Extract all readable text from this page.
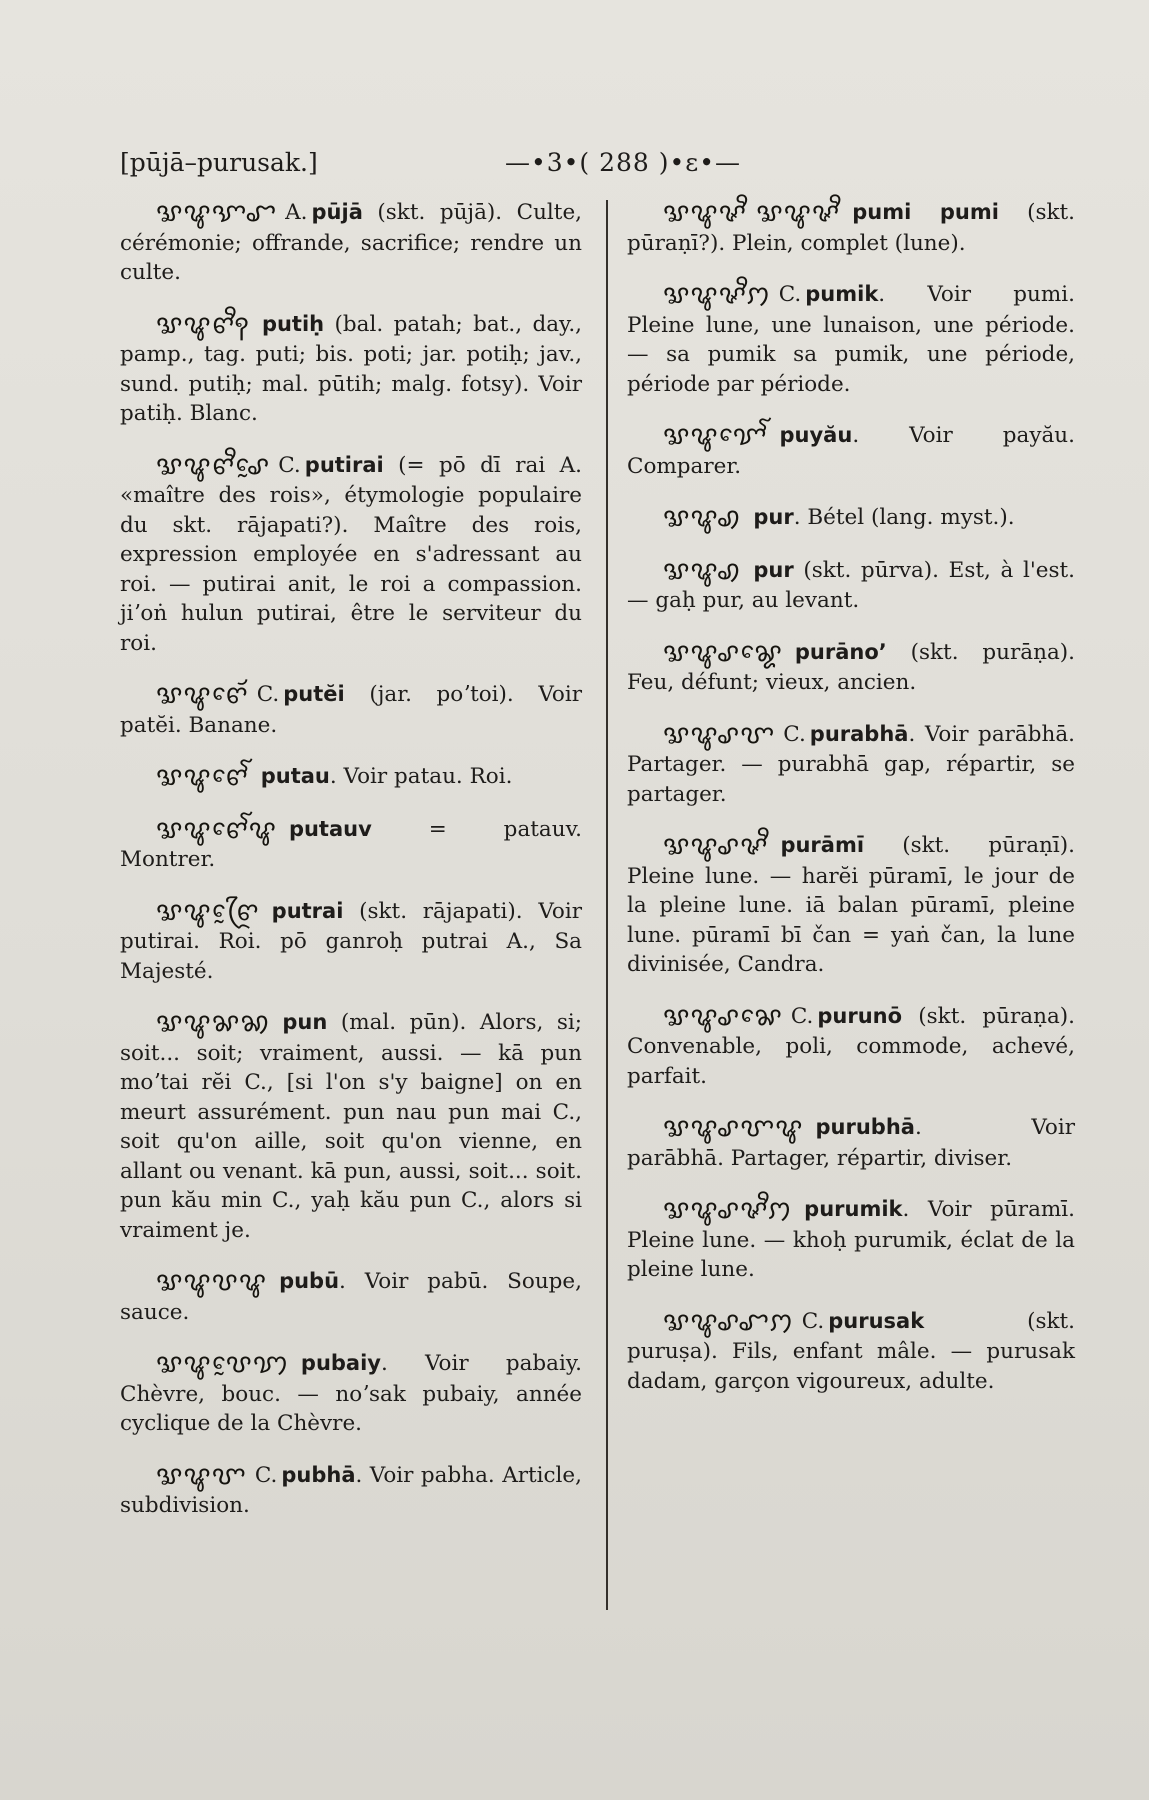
[pūjā–purusak.]	—•3•( 288 )•ε•—

ꨛꨥꨎꨧ A. pūjā (skt. pūjā). Culte, cérémonie; offrande, sacrifice; rendre un culte.

ꨛꨥꨓꨪꩍ putiḥ (bal. patah; bat., day., pamp., tag. puti; bis. poti; jar. potiḥ; jav., sund. putiḥ; mal. pūtih; malg. fotsy). Voir patiḥ. Blanc.

ꨛꨥꨓꨪꨣꨰ C. putirai (= pō dī rai A. «maître des rois», étymologie populaire du skt. rājapati?). Maître des rois, expression employée en s'adressant au roi. — putirai anit, le roi a compassion. jiʼoṅ hulun putirai, être le serviteur du roi.

ꨛꨥꨓꨯꨮ C. putĕi (jar. poʼtoi). Voir patĕi. Banane.

ꨛꨥꨓꨯꨱ putau. Voir patau. Roi.

ꨛꨥꨓꨯꨱꨥ putauv	= patauv. Montrer.

ꨛꨥꨓꨴꨰ putrai (skt. rājapati). Voir putirai. Roi. pō ganroḥ putrai A., Sa Majesté.

ꨛꨥꨗꩆ pun (mal. pūn). Alors, si; soit... soit; vraiment, aussi. — kā pun moʼtai rĕi C., [si l'on s'y baigne] on en meurt assurément. pun nau pun mai C., soit qu'on aille, soit qu'on vienne, en allant ou venant. kā pun, aussi, soit... soit. pun kău min C., yaḥ kău pun C., alors si vraiment je.

ꨛꨥꨝꨥ pubū. Voir pabū. Soupe, sauce.

ꨛꨥꨝꨰꩈ pubaiy. Voir pabaiy. Chèvre, bouc. — noʼsak pubaiy, année cyclique de la Chèvre.

ꨛꨥꨞ C. pubhā. Voir pabha. Article, subdivision.

ꨛꨥꨟꨪ ꨛꨥꨟꨪ pumi pumi (skt. pūraṇī?). Plein, complet (lune).

ꨛꨥꨟꨪꩀ C. pumik. Voir pumi. Pleine lune, une lunaison, une période. — sa pumik sa pumik, une période, période par période.

ꨛꨥꨢꨯꨱ puyău. Voir payău. Comparer.

ꨛꨥꩉ pur. Bétel (lang. myst.).

ꨛꨥꩉ pur (skt. pūrva). Est, à l'est. — gaḥ pur, au levant.

ꨛꨥꨣꨘꨯ purānoʼ (skt. purāṇa). Feu, défunt; vieux, ancien.

ꨛꨥꨣꨞ C. purabhā. Voir parābhā. Partager. — purabhā gap, répartir, se partager.

ꨛꨥꨣꨟꨪ purāmī (skt. pūraṇī). Pleine lune. — harĕi pūramī, le jour de la pleine lune. iā balan pūramī, pleine lune. pūramī bī čan = yaṅ čan, la lune divinisée, Candra.

ꨛꨥꨣꨗꨯ C. purunō (skt. pūraṇa). Convenable, poli, commode, achevé, parfait.

ꨛꨥꨣꨞꨥ purubhā. Voir parābhā. Partager, répartir, diviser.

ꨛꨥꨣꨟꨪꩀ purumik. Voir pūramī. Pleine lune. — khoḥ purumik, éclat de la pleine lune.

ꨛꨥꨣꨧꩀ C. purusak	(skt. puruṣa). Fils, enfant mâle. — purusak dadam, garçon vigoureux, adulte.
